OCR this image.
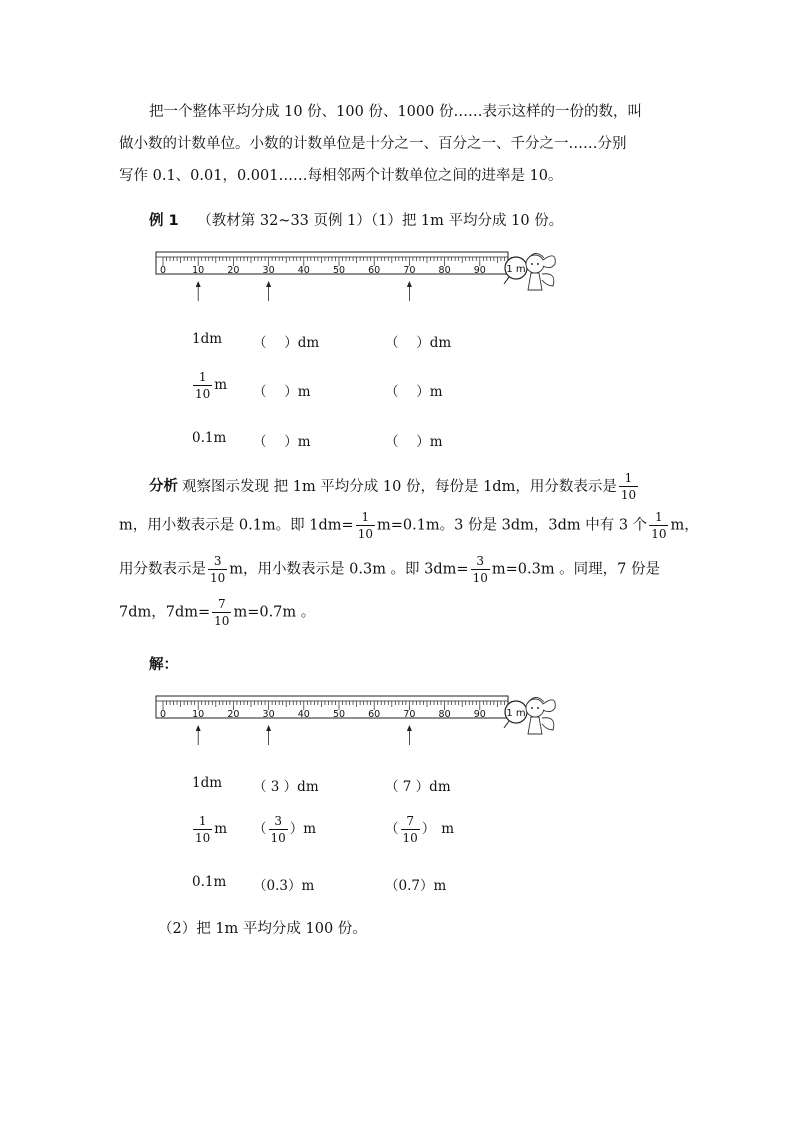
把一个整体平均分成 10 份、100 份、1000 份……表示这样的一份的数，叫
做小数的计数单位。小数的计数单位是十分之一、百分之一、千分之一……分别
写作 0.1、0.01，0.001……每相邻两个计数单位之间的进率是 10。
例 1 （教材第 32~33 页例 1）（1）把 1m 平均分成 10 份。
0	10 20 30 40 50 60 70 80 90 1 m
1dm （　 ）dm	（　 ）dm
$\frac{1}{10}$ m （　 ）m	（　 ）m
0.1m （　 ）m	（　 ）m
分析 观察图示发现 把 1m 平均分成 10 份，每份是 1dm，用分数表示是 $\frac{1}{10}$
m，用小数表示是 0.1m。即 $1dm= \frac{1}{10} m=0.1m$。3 份是 3dm，3dm 中有 3 个 $\frac{1}{10}$ m，
用分数表示是 $\frac{3}{10}$ m，用小数表示是 0.3m 。即 $3dm= \frac{3}{10} m=0.3m$ 。同理，7 份是
7dm，$7dm= \frac{7}{10} m=0.7m$ 。
解：
0	10 20 30 40 50 60 70 80 90 1 m
1dm （ 3 ）dm	（ 7 ）dm
$\frac{1}{10}$ m （ $\frac{3}{10} )m$	（ $\frac{7}{10}$ ） m
0.1m （0.3）m	（0.7）m
（2）把 1m 平均分成 100 份。
